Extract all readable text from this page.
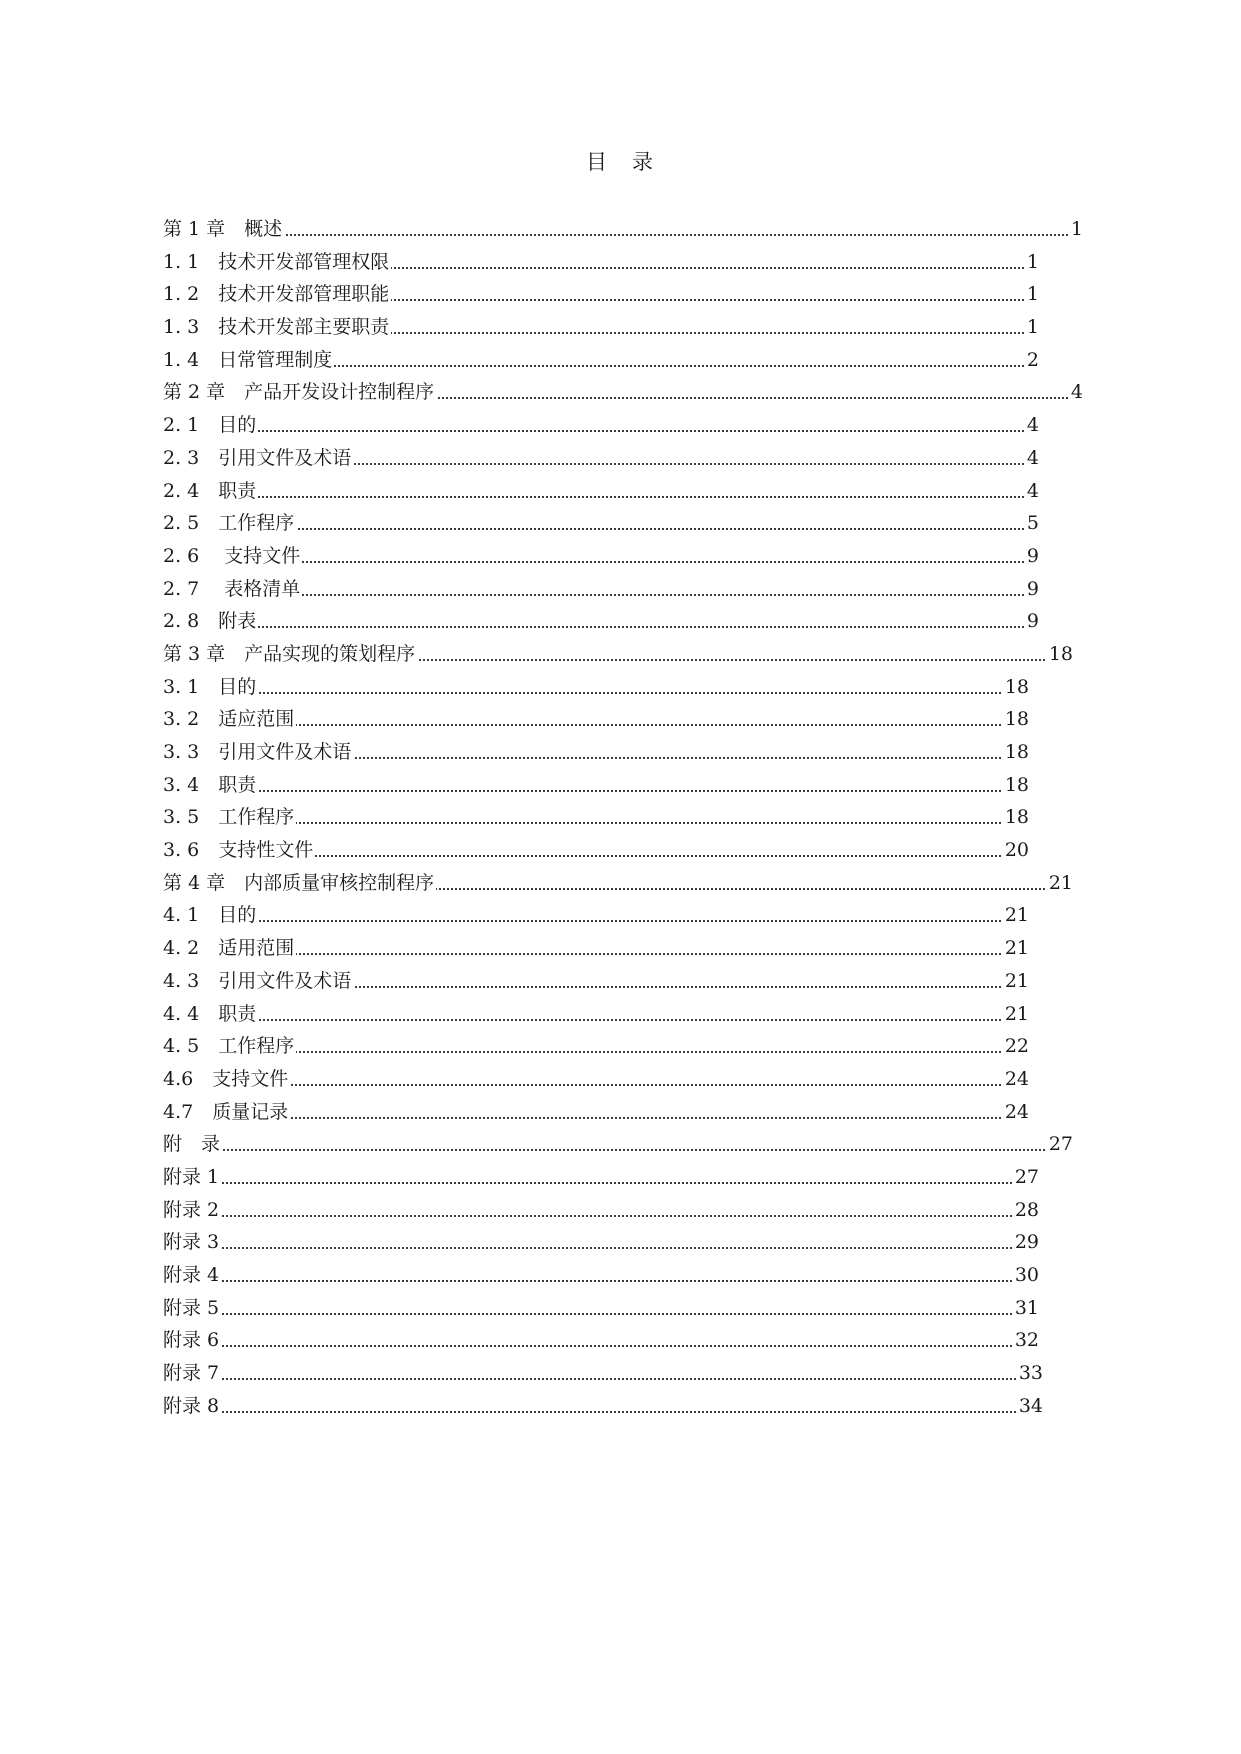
目　录
第 1 章　概述	1
1. 1　技术开发部管理权限	1
1. 2　技术开发部管理职能	1
1. 3　技术开发部主要职责	1
1. 4　日常管理制度	2
第 2 章　产品开发设计控制程序	4
2. 1　目的	4
2. 3　引用文件及术语	4
2. 4　职责	4
2. 5　工作程序	5
2. 6　 支持文件	9
2. 7　 表格清单	9
2. 8　附表	9
第 3 章　产品实现的策划程序	18
3. 1　目的	18
3. 2　适应范围	18
3. 3　引用文件及术语	18
3. 4　职责	18
3. 5　工作程序	18
3. 6　支持性文件	20
第 4 章　内部质量审核控制程序	21
4. 1　目的	21
4. 2　适用范围	21
4. 3　引用文件及术语	21
4. 4　职责	21
4. 5　工作程序	22
4.6　支持文件	24
4.7　质量记录	24
附　录	27
附录 1	27
附录 2	28
附录 3	29
附录 4	30
附录 5	31
附录 6	32
附录 7	33
附录 8	34
